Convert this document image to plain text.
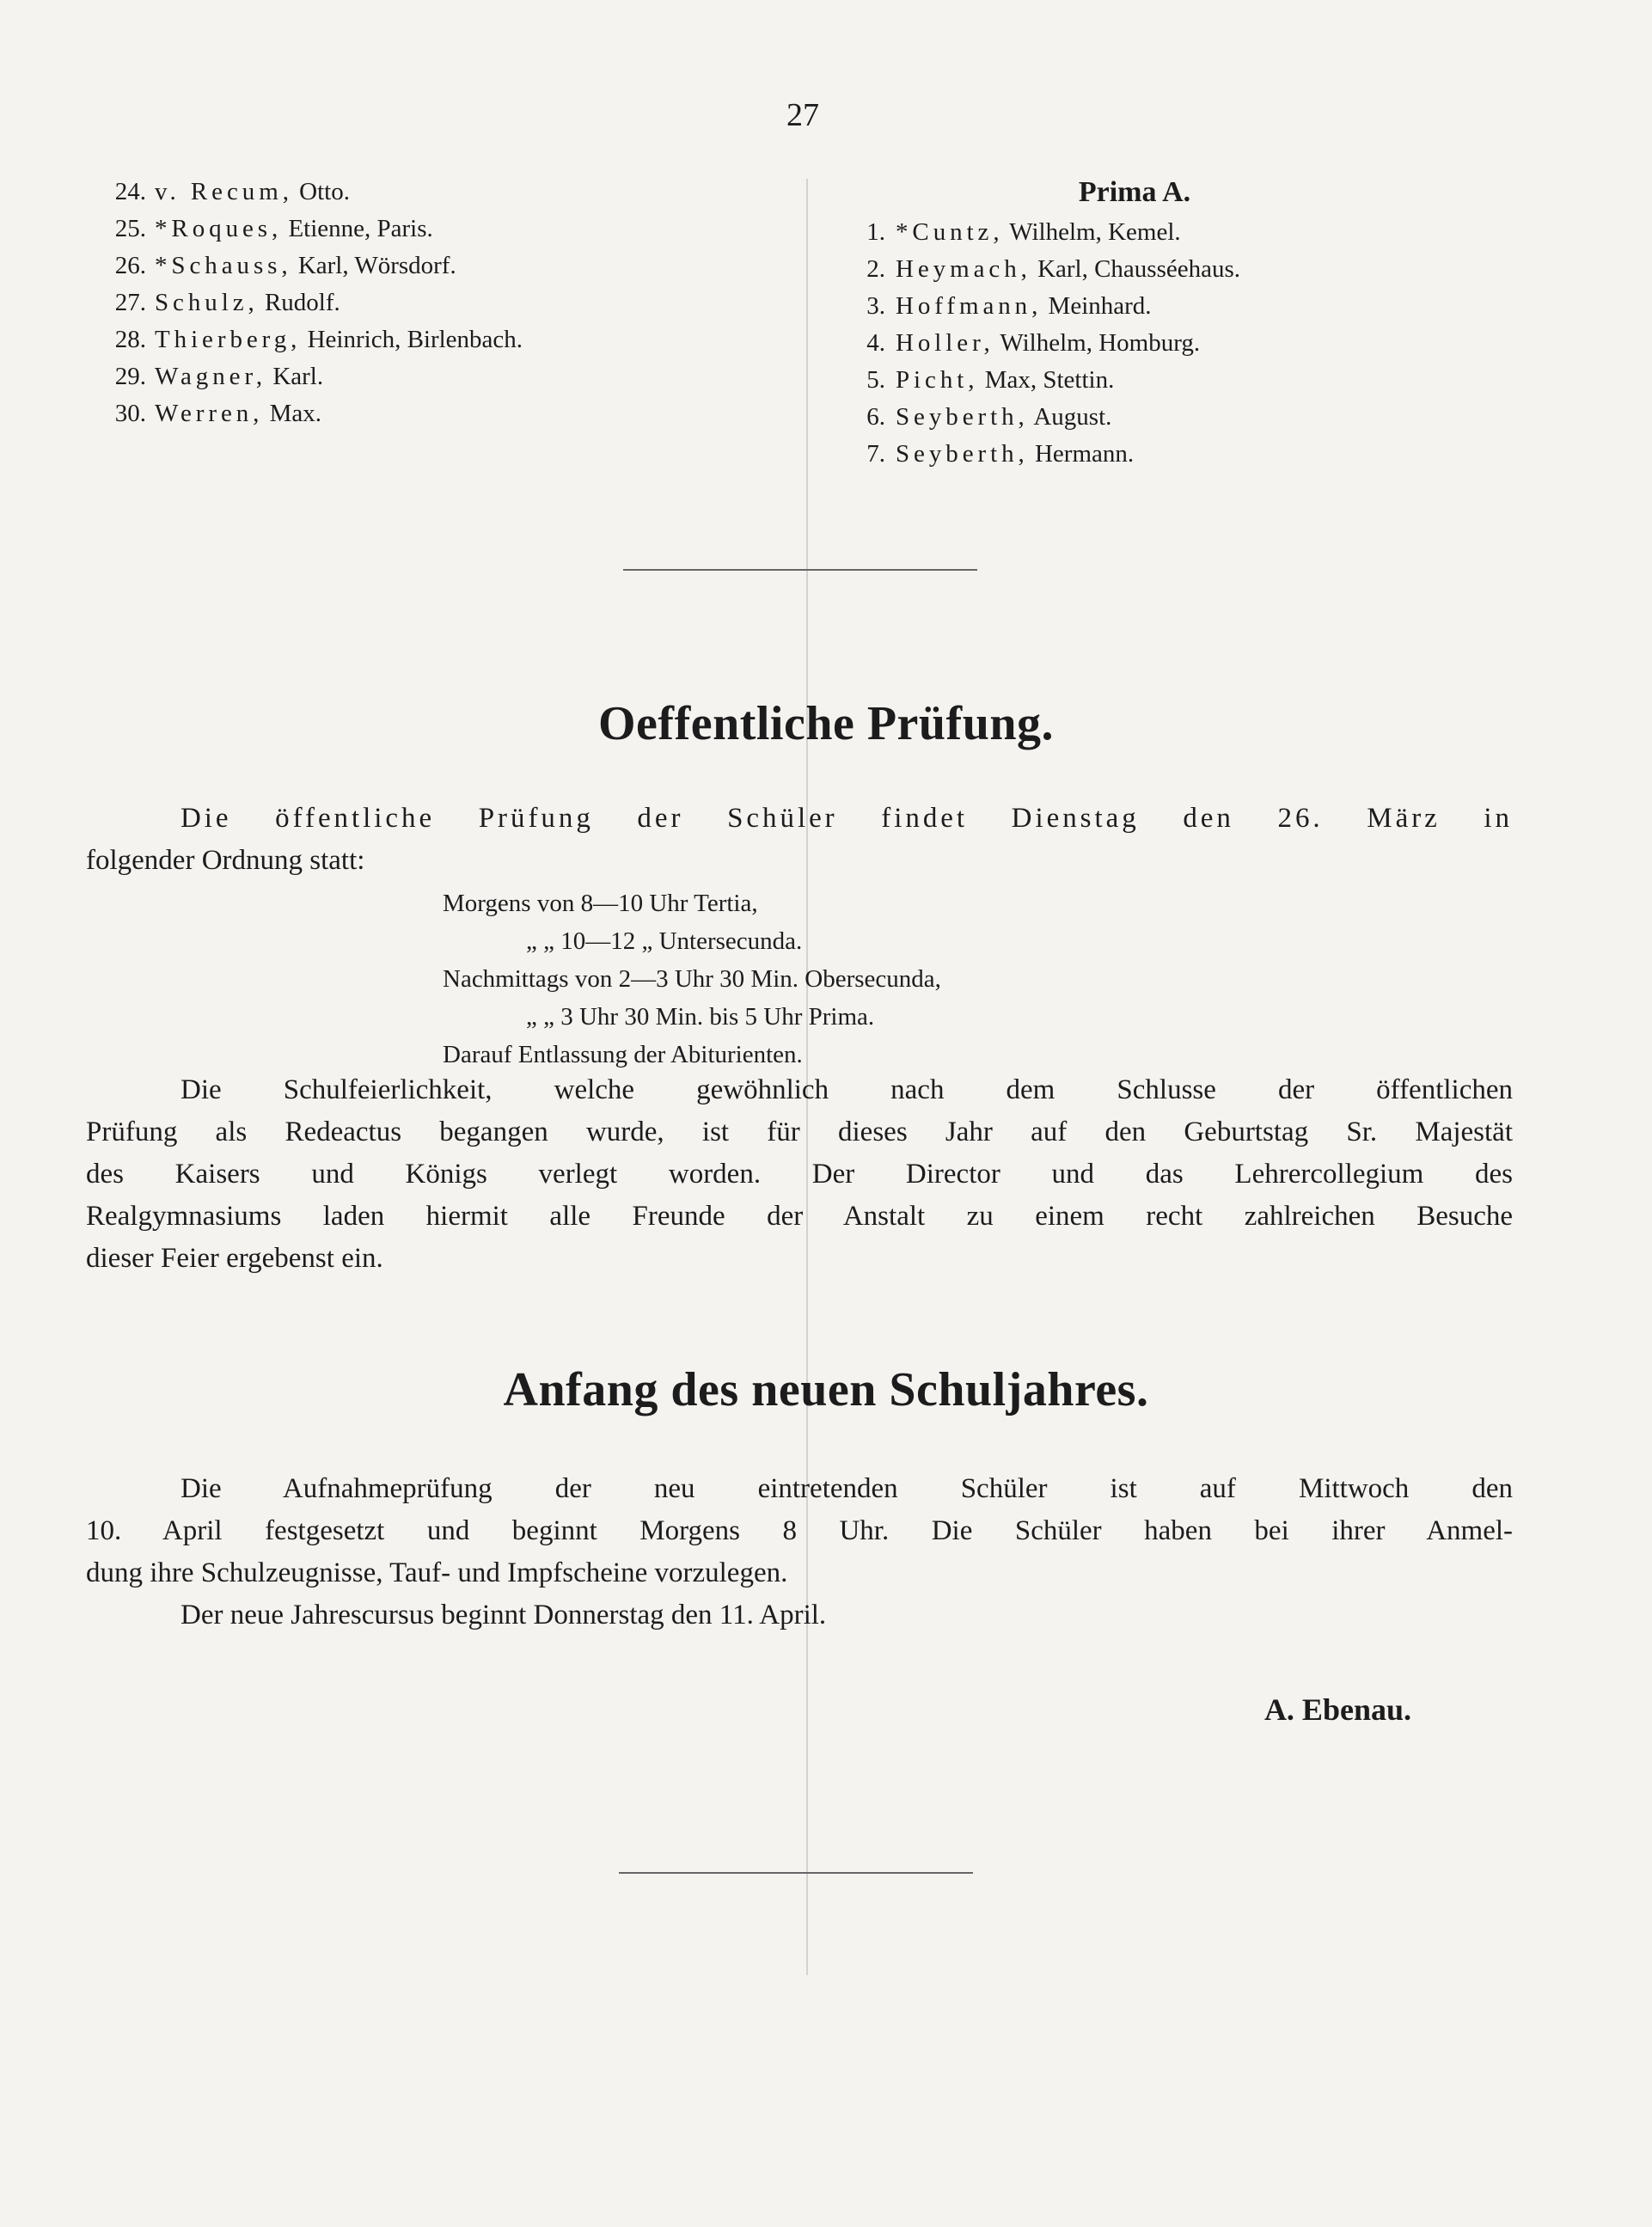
27

24. v. Recum, Otto.
25. *Roques, Etienne, Paris.
26. *Schauss, Karl, Wörsdorf.
27. Schulz, Rudolf.
28. Thierberg, Heinrich, Birlenbach.
29. Wagner, Karl.
30. Werren, Max.
Prima A.
1. *Cuntz, Wilhelm, Kemel.
2. Heymach, Karl, Chausséehaus.
3. Hoffmann, Meinhard.
4. Holler, Wilhelm, Homburg.
5. Picht, Max, Stettin.
6. Seyberth, August.
7. Seyberth, Hermann.
Oeffentliche Prüfung.
Die öffentliche Prüfung der Schüler findet Dienstag den 26. März in
folgender Ordnung statt:
Morgens von 8—10 Uhr Tertia,
„ „ 10—12 „ Untersecunda.
Nachmittags von 2—3 Uhr 30 Min. Obersecunda,
„ „ 3 Uhr 30 Min. bis 5 Uhr Prima.
Darauf Entlassung der Abiturienten.
Die Schulfeierlichkeit, welche gewöhnlich nach dem Schlusse der öffentlichen
Prüfung als Redeactus begangen wurde, ist für dieses Jahr auf den Geburtstag Sr. Majestät
des Kaisers und Königs verlegt worden. Der Director und das Lehrercollegium des
Realgymnasiums laden hiermit alle Freunde der Anstalt zu einem recht zahlreichen Besuche
dieser Feier ergebenst ein.
Anfang des neuen Schuljahres.
Die Aufnahmeprüfung der neu eintretenden Schüler ist auf Mittwoch den
10. April festgesetzt und beginnt Morgens 8 Uhr. Die Schüler haben bei ihrer Anmel-
dung ihre Schulzeugnisse, Tauf- und Impfscheine vorzulegen.
Der neue Jahrescursus beginnt Donnerstag den 11. April.
A. Ebenau.
